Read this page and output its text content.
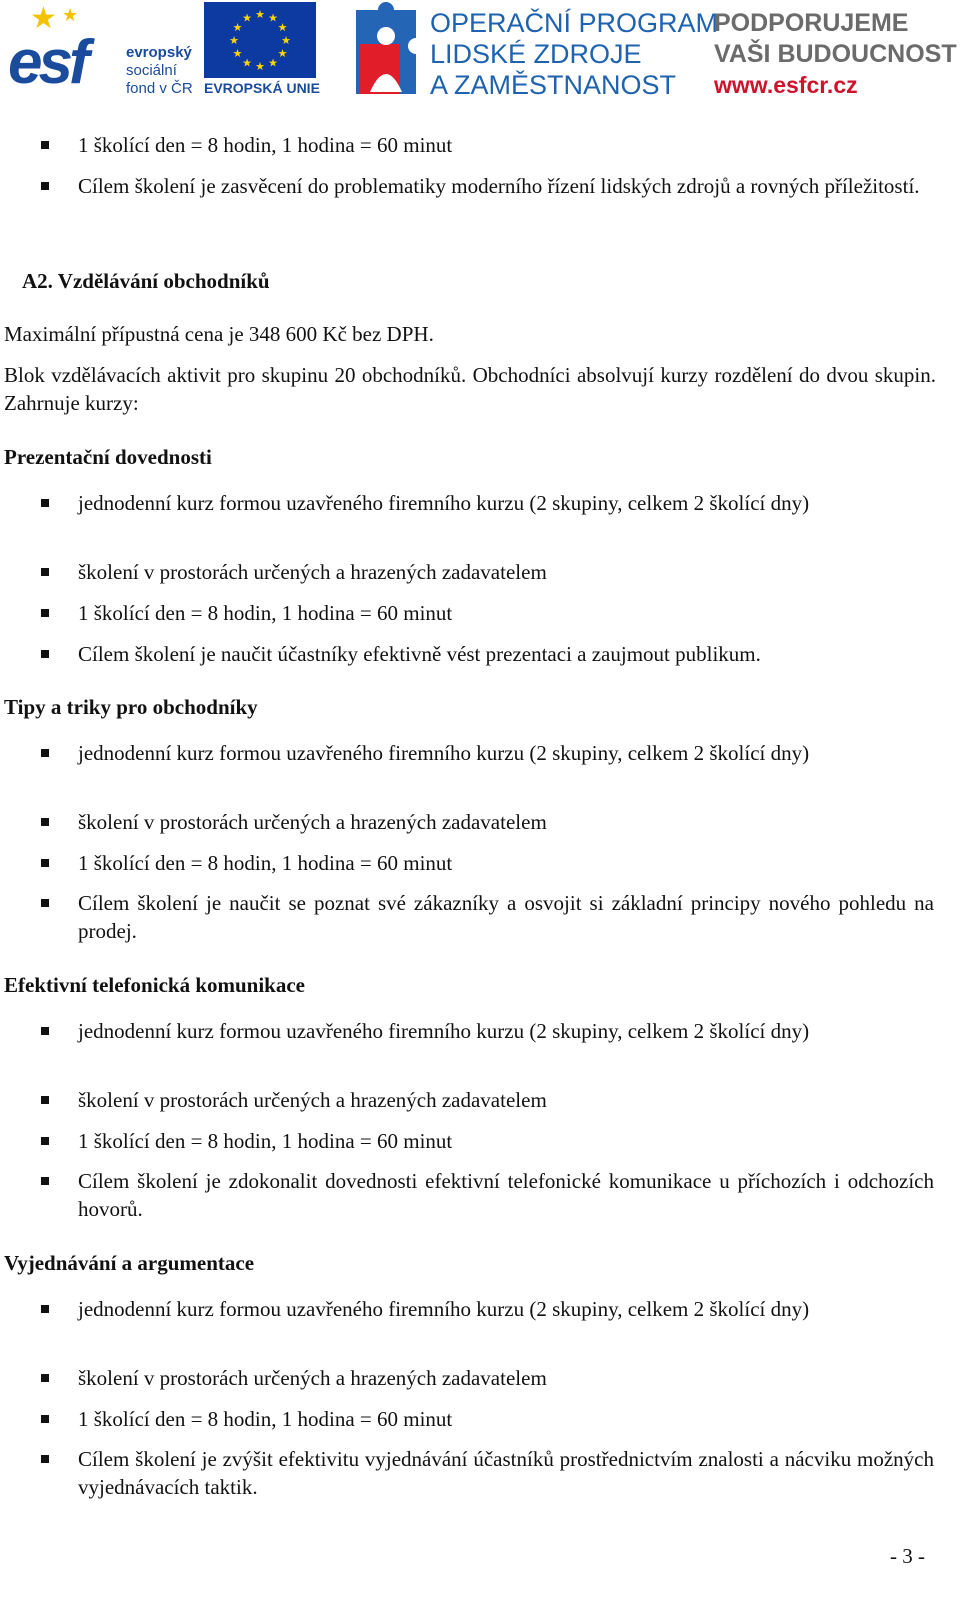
★ ★
esf	evropský
sociální
fond v ČR
★ ★
★
★
★
★
★
★
★
★
★
★
EVROPSKÁ UNIE
OPERAČNÍ PROGRAM
LIDSKÉ ZDROJE
A ZAMĚSTNANOST
PODPORUJEME
VAŠI BUDOUCNOST
www.esfcr.cz
1 školící den = 8 hodin, 1 hodina = 60 minut
Cílem školení je zasvěcení do problematiky moderního řízení lidských zdrojů a rovných příležitostí.
A2. Vzdělávání obchodníků
Maximální přípustná cena je 348 600 Kč bez DPH.
Blok vzdělávacích aktivit pro skupinu 20 obchodníků. Obchodníci absolvují kurzy rozdělení do dvou skupin. Zahrnuje kurzy:
Prezentační dovednosti
jednodenní kurz formou uzavřeného firemního kurzu (2 skupiny, celkem 2 školící dny)
školení v prostorách určených a hrazených zadavatelem
1 školící den = 8 hodin, 1 hodina = 60 minut
Cílem školení je naučit účastníky efektivně vést prezentaci a zaujmout publikum.
Tipy a triky pro obchodníky
jednodenní kurz formou uzavřeného firemního kurzu (2 skupiny, celkem 2 školící dny)
školení v prostorách určených a hrazených zadavatelem
1 školící den = 8 hodin, 1 hodina = 60 minut
Cílem školení je naučit se poznat své zákazníky a osvojit si základní principy nového pohledu na prodej.
Efektivní telefonická komunikace
jednodenní kurz formou uzavřeného firemního kurzu (2 skupiny, celkem 2 školící dny)
školení v prostorách určených a hrazených zadavatelem
1 školící den = 8 hodin, 1 hodina = 60 minut
Cílem školení je zdokonalit dovednosti efektivní telefonické komunikace u příchozích i odchozích hovorů.
Vyjednávání a argumentace
jednodenní kurz formou uzavřeného firemního kurzu (2 skupiny, celkem 2 školící dny)
školení v prostorách určených a hrazených zadavatelem
1 školící den = 8 hodin, 1 hodina = 60 minut
Cílem školení je zvýšit efektivitu vyjednávání účastníků prostřednictvím znalosti a nácviku možných vyjednávacích taktik.
- 3 -
